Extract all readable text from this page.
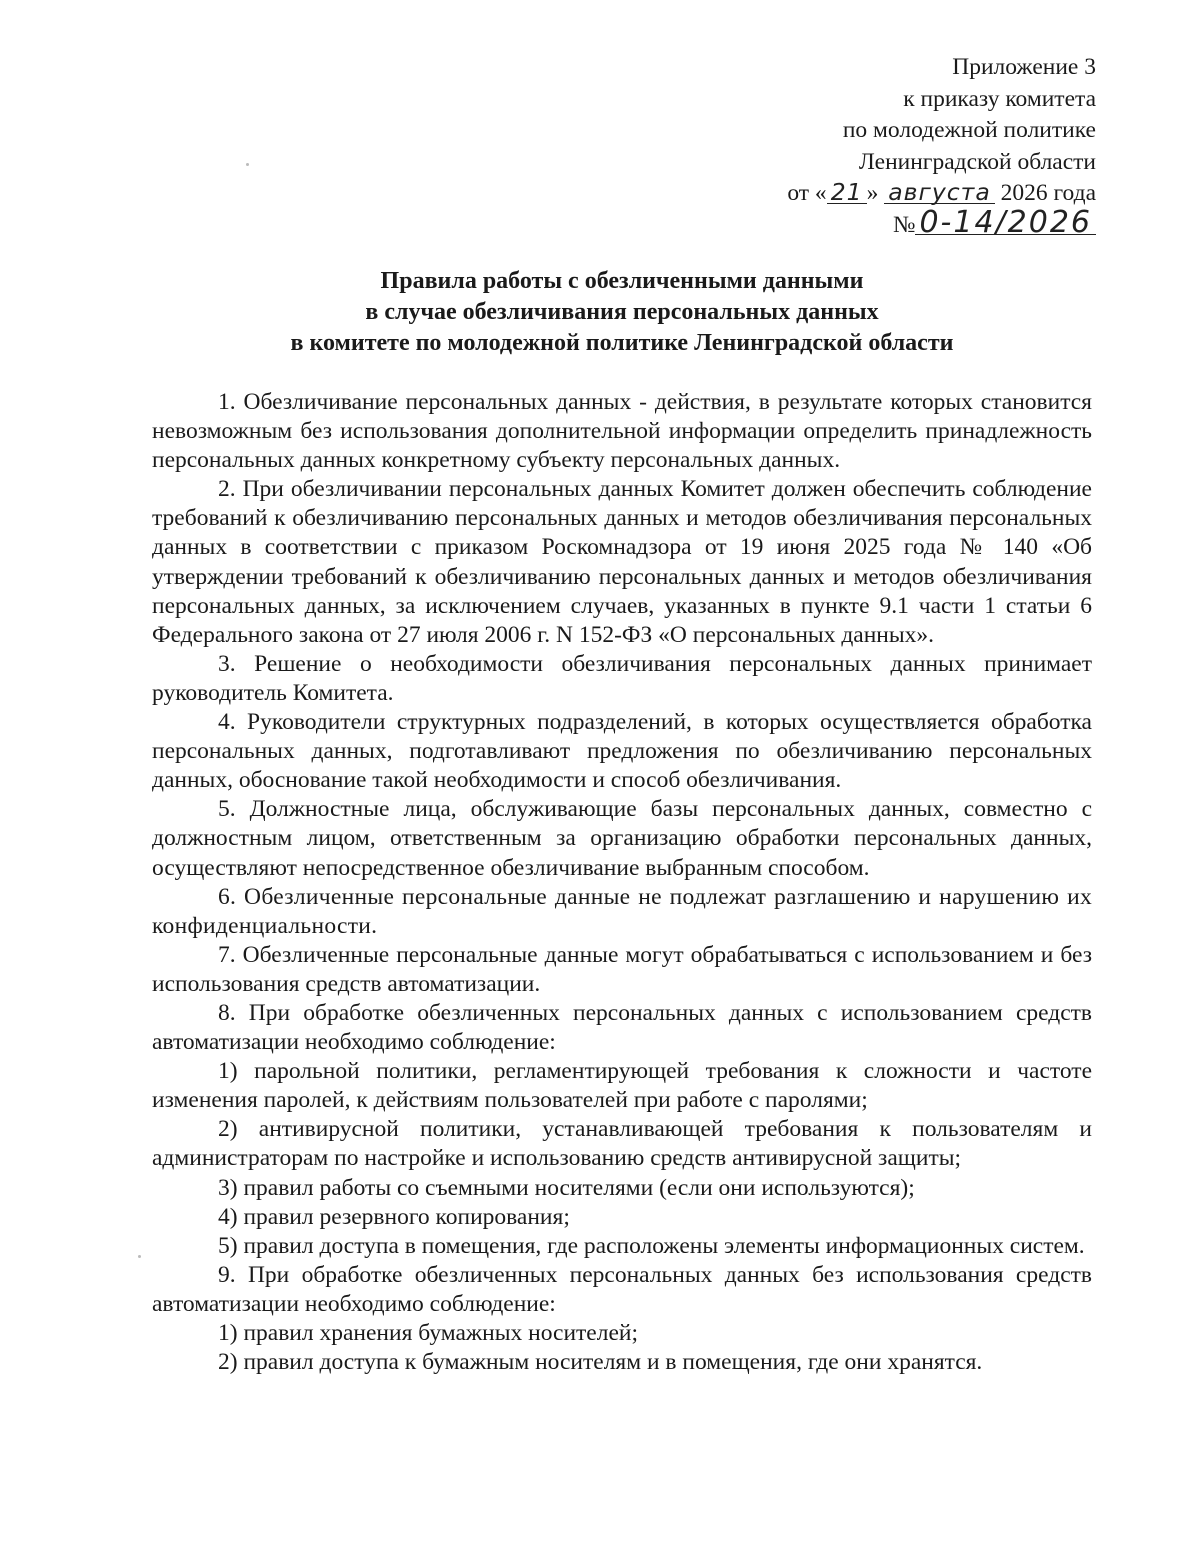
Приложение 3
к приказу комитета
по молодежной политике
Ленинградской области
от « 21 » августа 2026 года
№ 0-14/2026
Правила работы с обезличенными данными
в случае обезличивания персональных данных
в комитете по молодежной политике Ленинградской области

1. Обезличивание персональных данных - действия, в результате которых становится невозможным без использования дополнительной информации определить принадлежность персональных данных конкретному субъекту персональных данных.

2. При обезличивании персональных данных Комитет должен обеспечить соблюдение требований к обезличиванию персональных данных и методов обезличивания персональных данных в соответствии с приказом Роскомнадзора от 19 июня 2025 года № 140 «Об утверждении требований к обезличиванию персональных данных и методов обезличивания персональных данных, за исключением случаев, указанных в пункте 9.1 части 1 статьи 6 Федерального закона от 27 июля 2006 г. N 152-ФЗ «О персональных данных».

3. Решение о необходимости обезличивания персональных данных принимает руководитель Комитета.

4. Руководители структурных подразделений, в которых осуществляется обработка персональных данных, подготавливают предложения по обезличиванию персональных данных, обоснование такой необходимости и способ обезличивания.

5. Должностные лица, обслуживающие базы персональных данных, совместно с должностным лицом, ответственным за организацию обработки персональных данных, осуществляют непосредственное обезличивание выбранным способом.

6. Обезличенные персональные данные не подлежат разглашению и нарушению их конфиденциальности.

7. Обезличенные персональные данные могут обрабатываться с использованием и без использования средств автоматизации.

8. При обработке обезличенных персональных данных с использованием средств автоматизации необходимо соблюдение:

1) парольной политики, регламентирующей требования к сложности и частоте изменения паролей, к действиям пользователей при работе с паролями;

2) антивирусной политики, устанавливающей требования к пользователям и администраторам по настройке и использованию средств антивирусной защиты;

3) правил работы со съемными носителями (если они используются);

4) правил резервного копирования;

5) правил доступа в помещения, где расположены элементы информационных систем.

9. При обработке обезличенных персональных данных без использования средств автоматизации необходимо соблюдение:

1) правил хранения бумажных носителей;

2) правил доступа к бумажным носителям и в помещения, где они хранятся.
